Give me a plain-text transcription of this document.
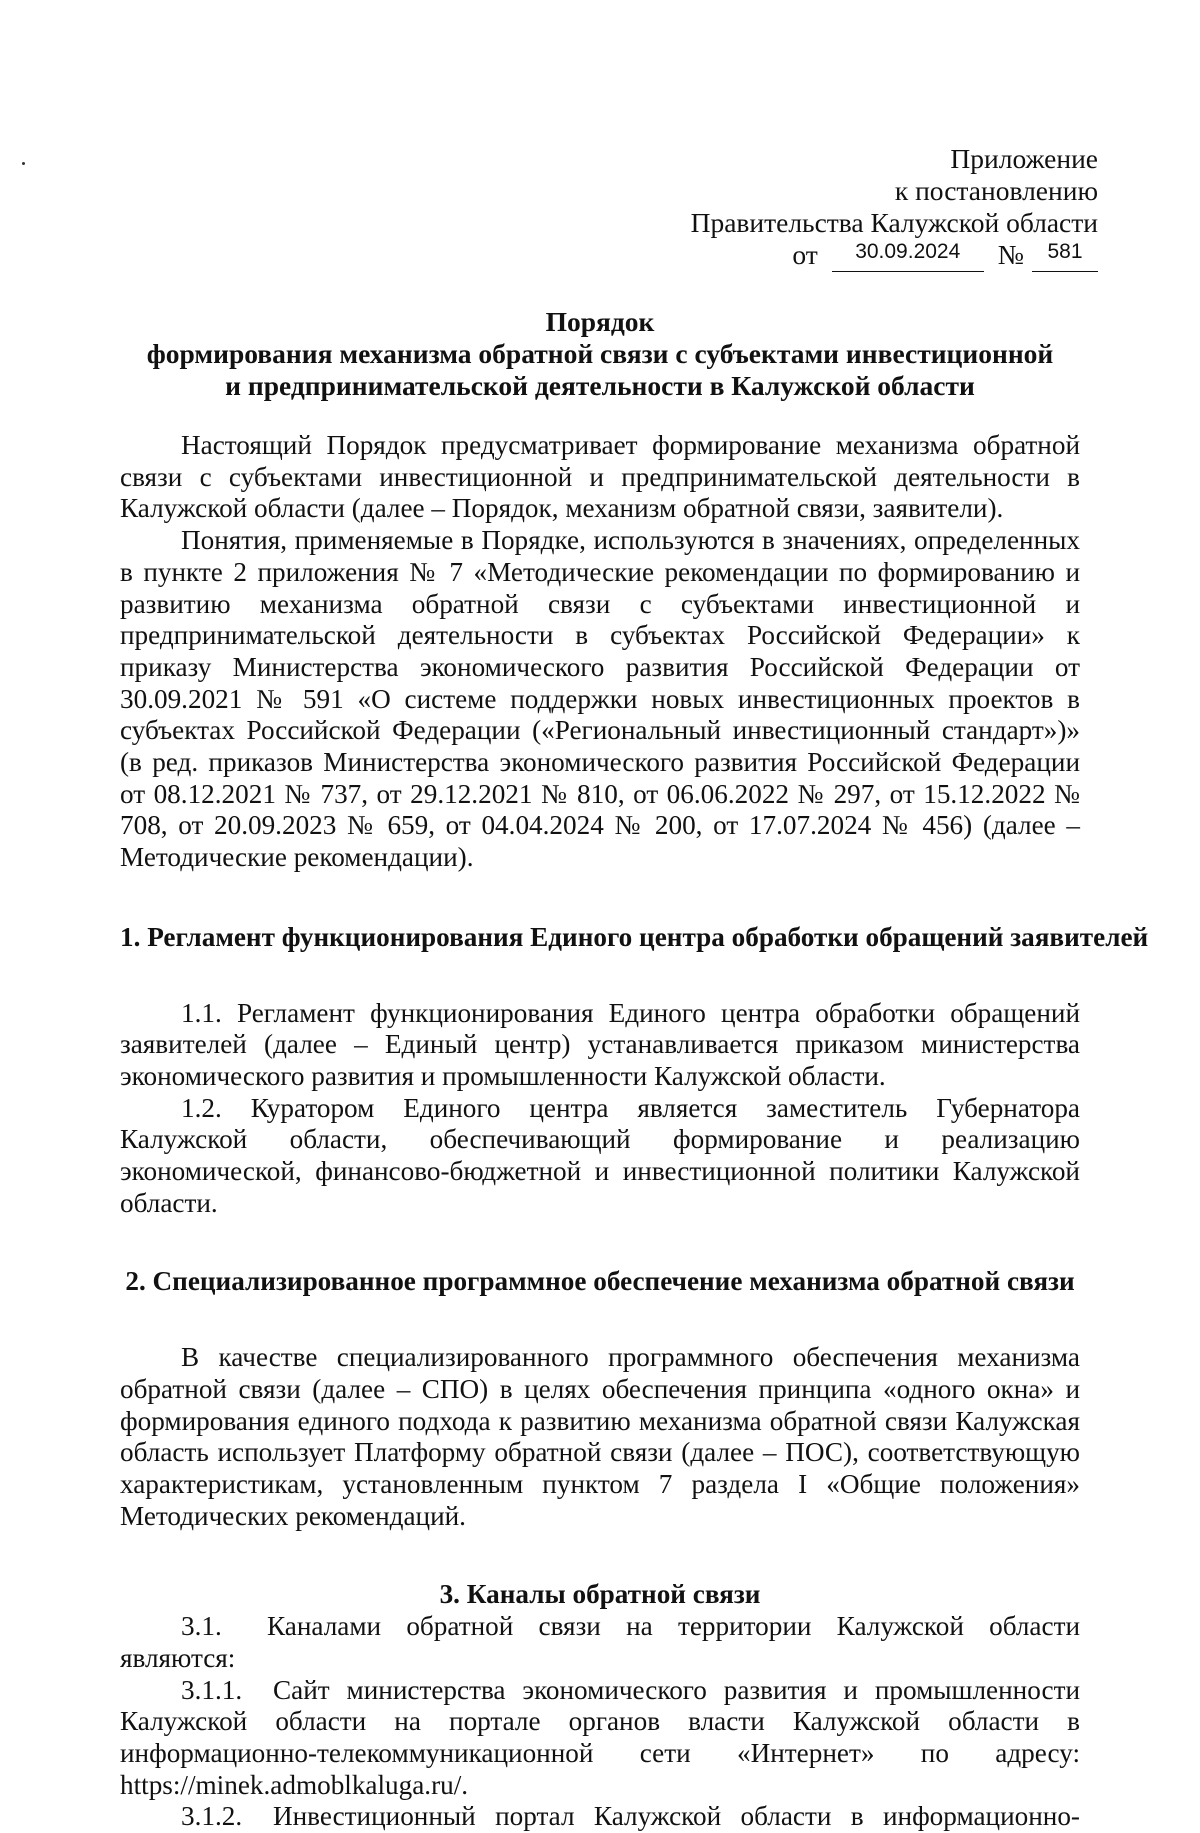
Приложение
к постановлению
Правительства Калужской области
от $^{30.09.2024}$ № $^{581}$
Порядок
формирования механизма обратной связи с субъектами инвестиционной
и предпринимательской деятельности в Калужской области

Настоящий Порядок предусматривает формирование механизма обратной связи с субъектами инвестиционной и предпринимательской деятельности в Калужской области (далее – Порядок, механизм обратной связи, заявители).

Понятия, применяемые в Порядке, используются в значениях, определенных в пункте 2 приложения № 7 «Методические рекомендации по формированию и развитию механизма обратной связи с субъектами инвестиционной и предпринимательской деятельности в субъектах Российской Федерации» к приказу Министерства экономического развития Российской Федерации от 30.09.2021 № 591 «О системе поддержки новых инвестиционных проектов в субъектах Российской Федерации («Региональный инвестиционный стандарт»)» (в ред. приказов Министерства экономического развития Российской Федерации от 08.12.2021 № 737, от 29.12.2021 № 810, от 06.06.2022 № 297, от 15.12.2022 № 708, от 20.09.2023 № 659, от 04.04.2024 № 200, от 17.07.2024 № 456) (далее – Методические рекомендации).

1. Регламент функционирования Единого центра обработки обращений заявителей

1.1. Регламент функционирования Единого центра обработки обращений заявителей (далее – Единый центр) устанавливается приказом министерства экономического развития и промышленности Калужской области.

1.2. Куратором Единого центра является заместитель Губернатора Калужской области, обеспечивающий формирование и реализацию экономической, финансово-бюджетной и инвестиционной политики Калужской области.

2. Специализированное программное обеспечение механизма обратной связи

В качестве специализированного программного обеспечения механизма обратной связи (далее – СПО) в целях обеспечения принципа «одного окна» и формирования единого подхода к развитию механизма обратной связи Калужская область использует Платформу обратной связи (далее – ПОС), соответствующую характеристикам, установленным пунктом 7 раздела I «Общие положения» Методических рекомендаций.

3. Каналы обратной связи

3.1. Каналами обратной связи на территории Калужской области являются:

3.1.1. Сайт министерства экономического развития и промышленности Калужской области на портале органов власти Калужской области в информационно-телекоммуникационной сети «Интернет» по адресу: https://minek.admoblkaluga.ru/.

3.1.2. Инвестиционный портал Калужской области в информационно-
